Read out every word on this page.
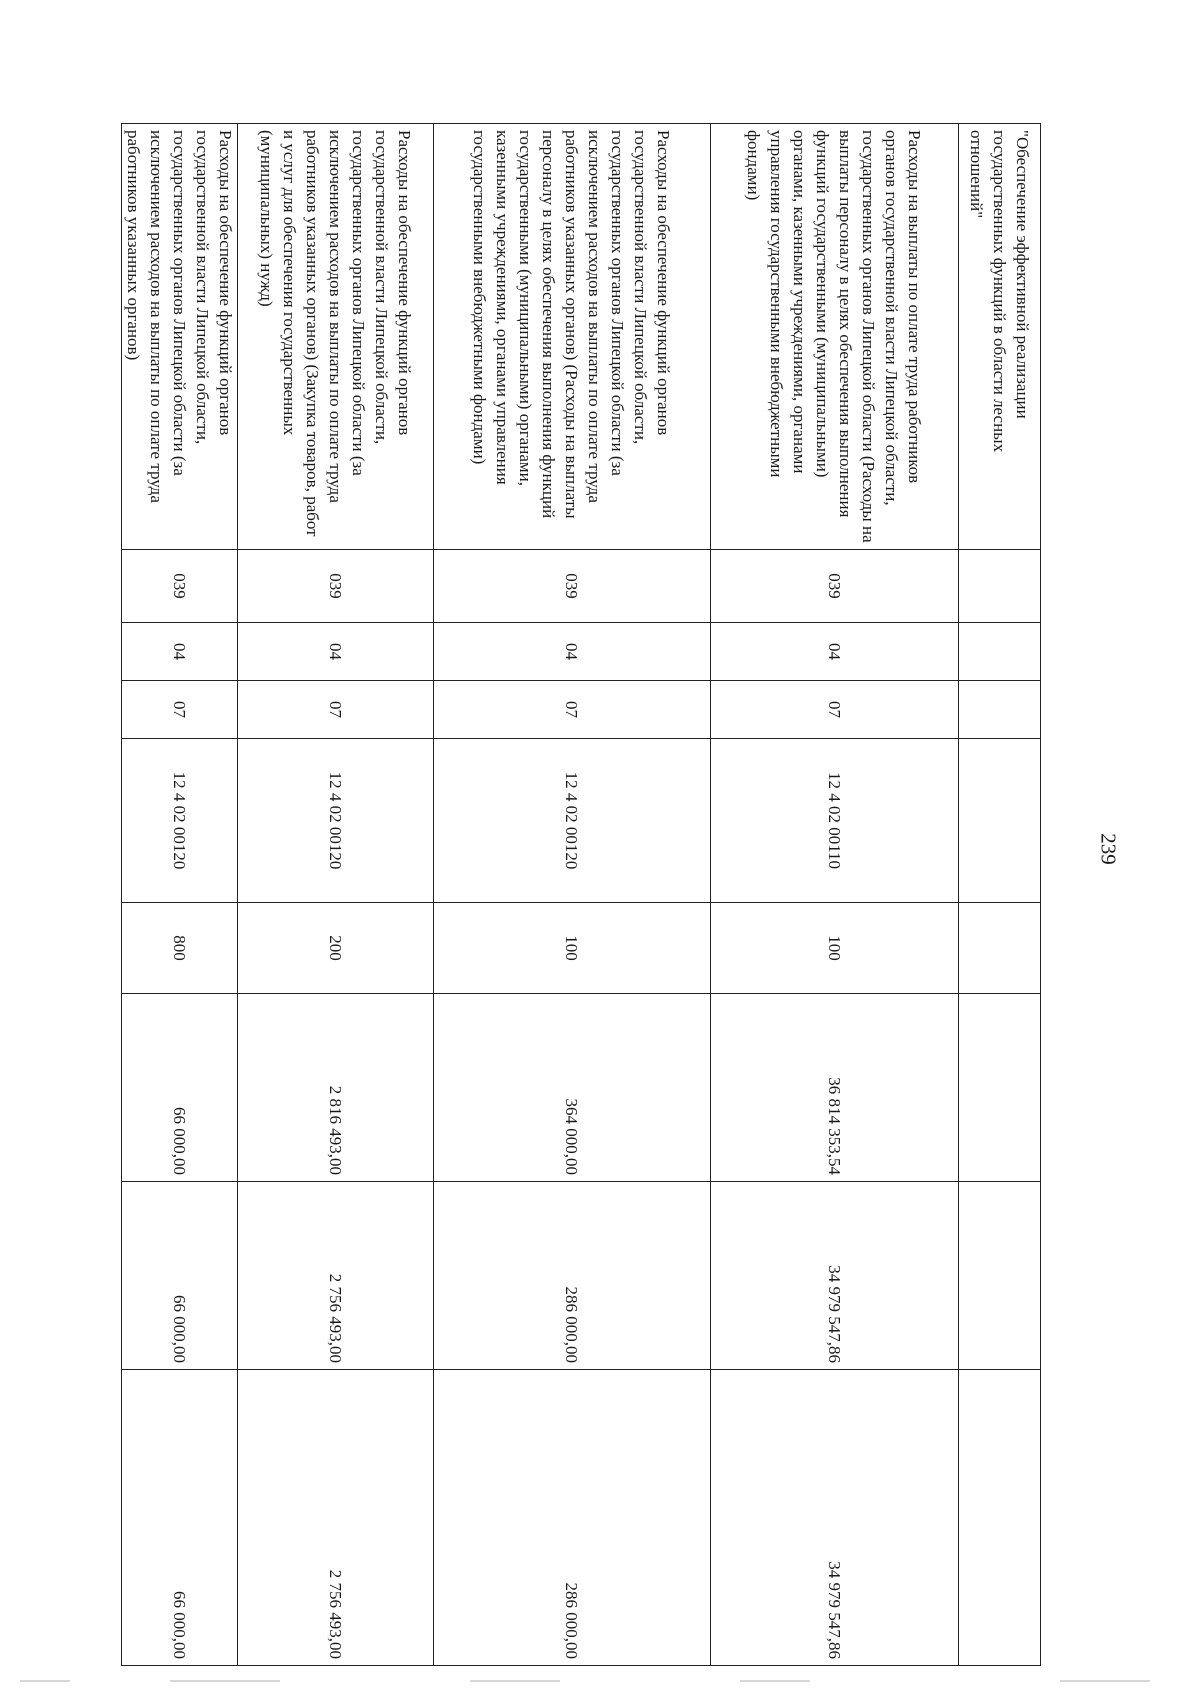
239
"Обеспечение эффективной реализации государственных функций в области лесных отношений"								
Расходы на выплаты по оплате труда работников органов государственной власти Липецкой области, государственных органов Липецкой области (Расходы на выплаты персоналу в целях обеспечения выполнения функций государственными (муниципальными) органами, казенными учреждениями, органами управления государственными внебюджетными фондами)	039	04	07	12 4 02 00110	100	36 814 353,54	34 979 547,86	34 979 547,86
Расходы на обеспечение функций органов государственной власти Липецкой области, государственных органов Липецкой области (за исключением расходов на выплаты по оплате труда работников указанных органов) (Расходы на выплаты персоналу в целях обеспечения выполнения функций государственными (муниципальными) органами, казенными учреждениями, органами управления государственными внебюджетными фондами)	039	04	07	12 4 02 00120	100	364 000,00	286 000,00	286 000,00
Расходы на обеспечение функций органов государственной власти Липецкой области, государственных органов Липецкой области (за исключением расходов на выплаты по оплате труда работников указанных органов) (Закупка товаров, работ и услуг для обеспечения государственных (муниципальных) нужд)	039	04	07	12 4 02 00120	200	2 816 493,00	2 756 493,00	2 756 493,00
Расходы на обеспечение функций органов государственной власти Липецкой области, государственных органов Липецкой области (за исключением расходов на выплаты по оплате труда работников указанных органов)	039	04	07	12 4 02 00120	800	66 000,00	66 000,00	66 000,00
